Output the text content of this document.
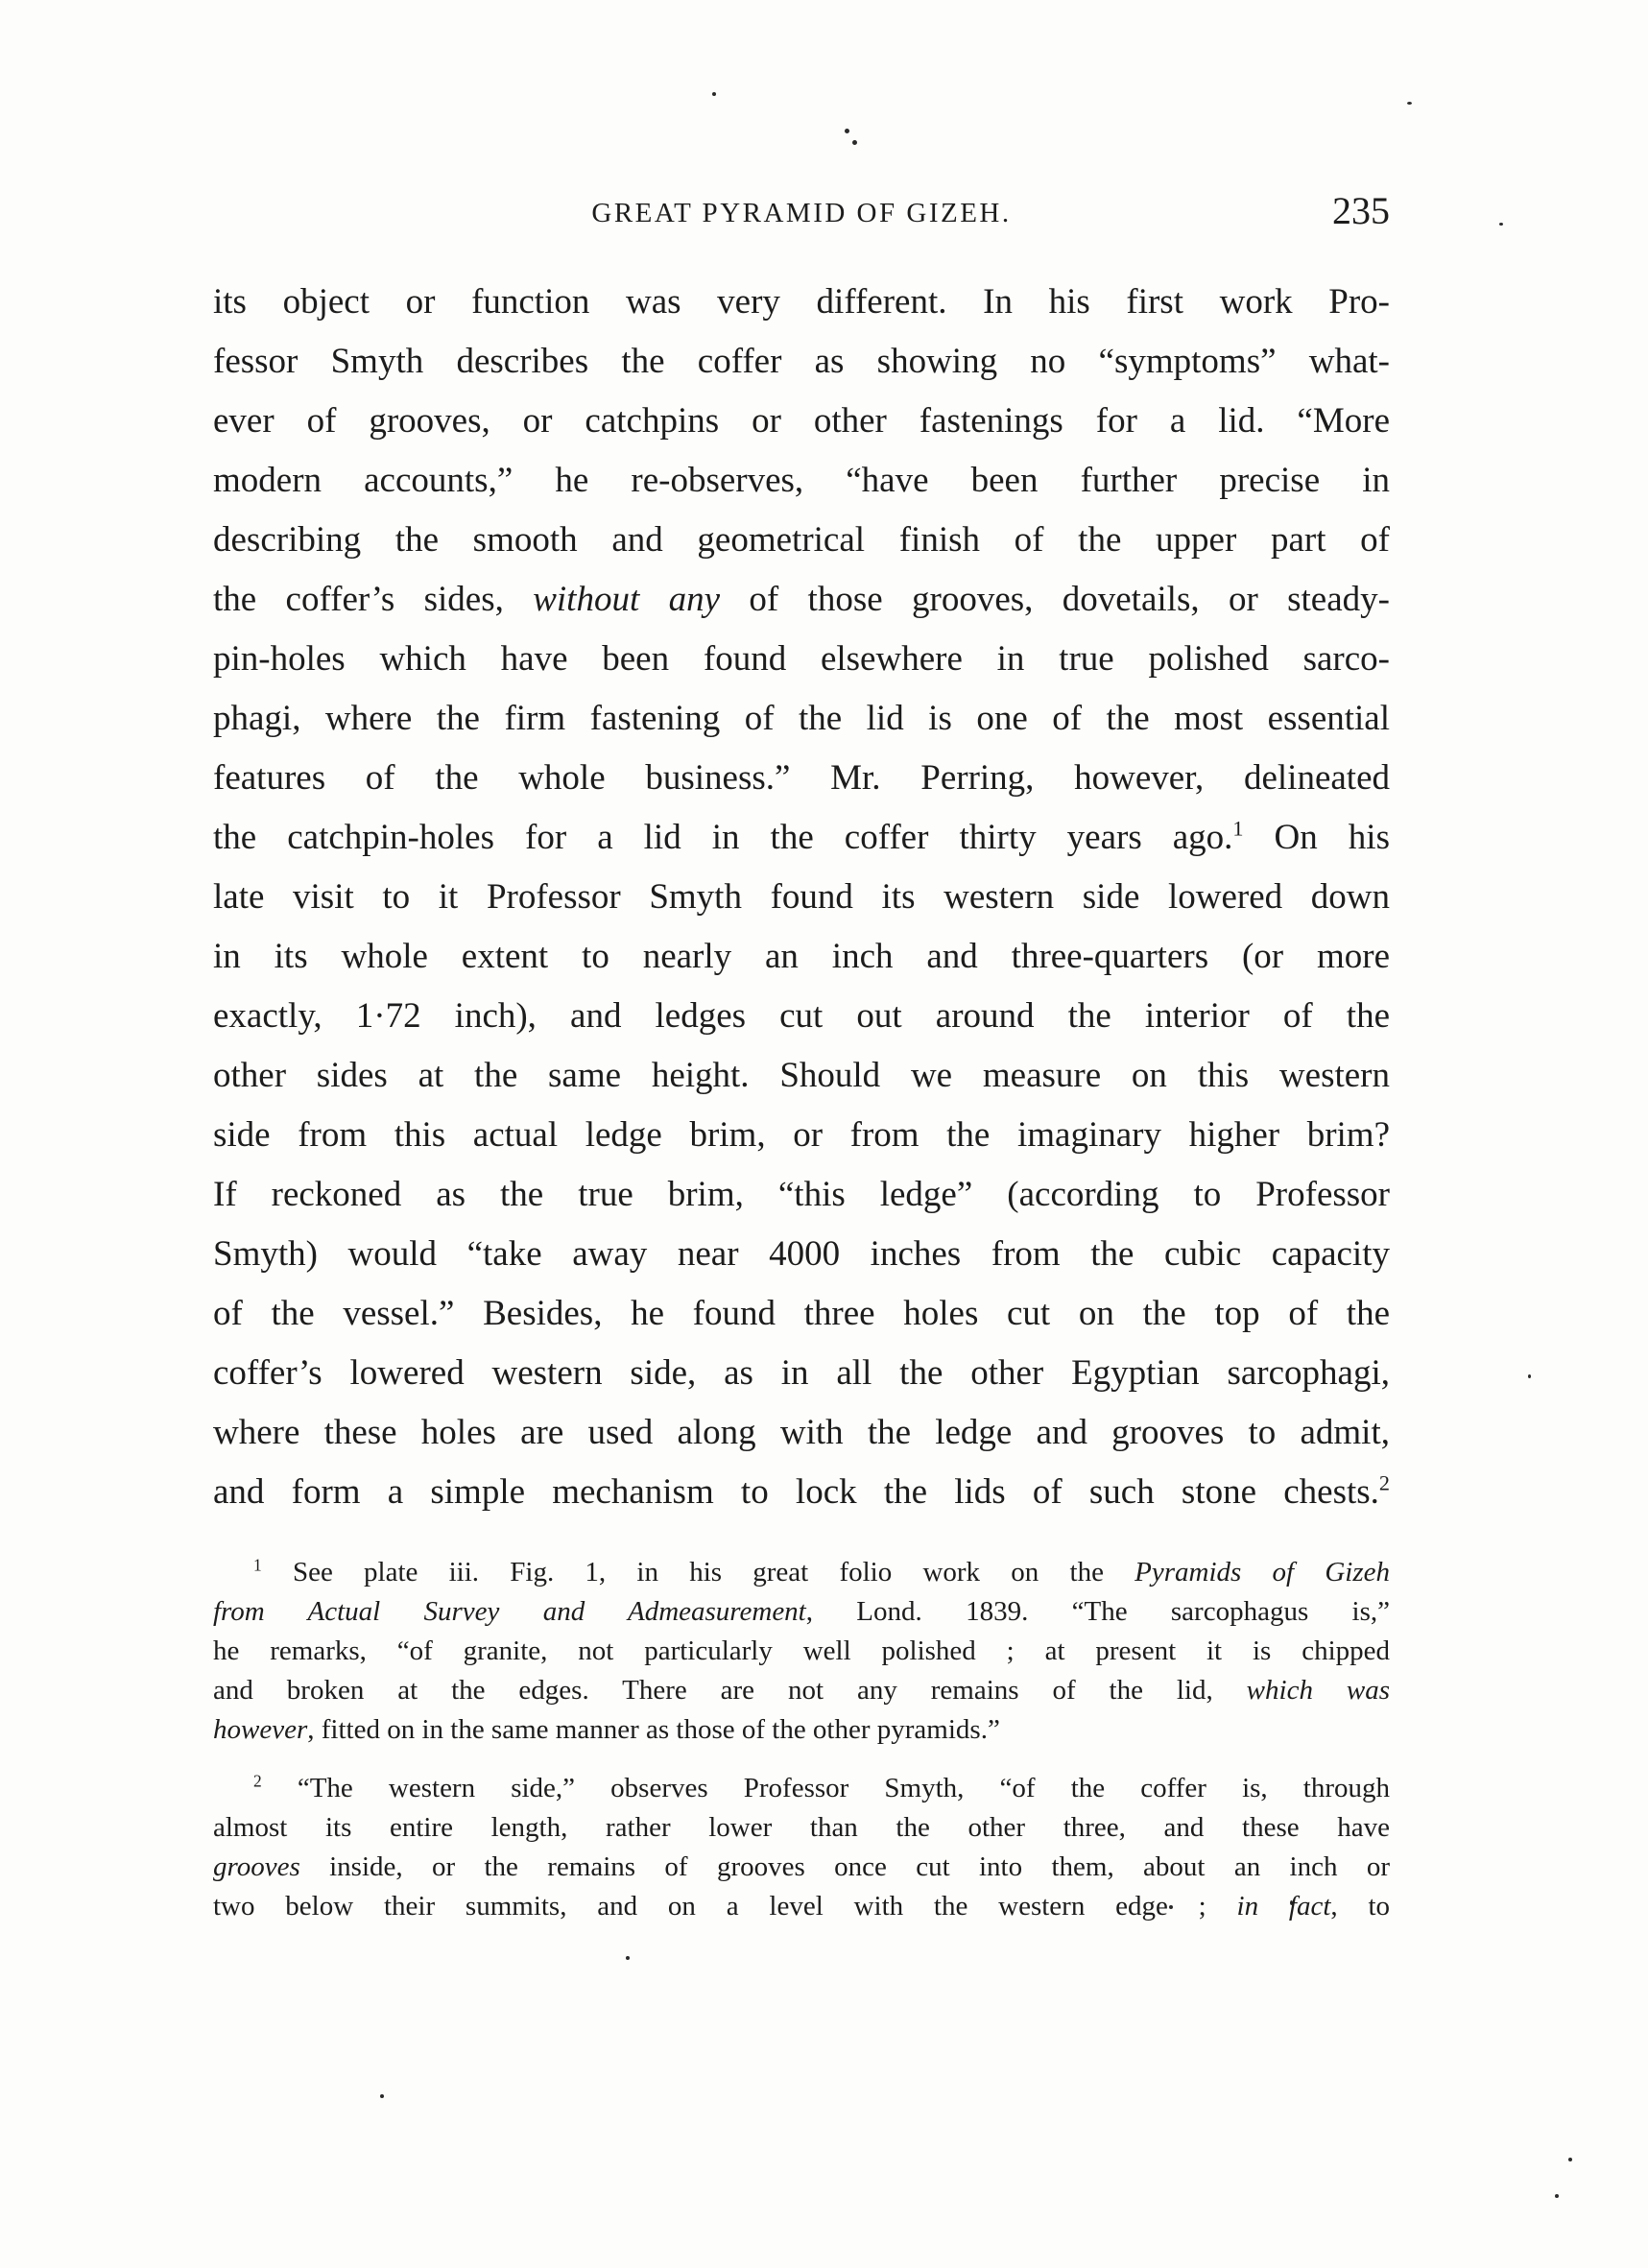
GREAT PYRAMID OF GIZEH.	235
its object or function was very different. In his first work Pro-
fessor Smyth describes the coffer as showing no “symptoms” what-
ever of grooves, or catchpins or other fastenings for a lid. “More
modern accounts,” he re-observes, “have been further precise in
describing the smooth and geometrical finish of the upper part of
the coffer’s sides, without any of those grooves, dovetails, or steady-
pin-holes which have been found elsewhere in true polished sarco-
phagi, where the firm fastening of the lid is one of the most essential
features of the whole business.” Mr. Perring, however, delineated
the catchpin-holes for a lid in the coffer thirty years ago.$^1$ On his
late visit to it Professor Smyth found its western side lowered down
in its whole extent to nearly an inch and three-quarters (or more
exactly, 1·72 inch), and ledges cut out around the interior of the
other sides at the same height. Should we measure on this western
side from this actual ledge brim, or from the imaginary higher brim?
If reckoned as the true brim, “this ledge” (according to Professor
Smyth) would “take away near 4000 inches from the cubic capacity
of the vessel.” Besides, he found three holes cut on the top of the
coffer’s lowered western side, as in all the other Egyptian sarcophagi,
where these holes are used along with the ledge and grooves to admit,
and form a simple mechanism to lock the lids of such stone chests.$^2$
$^1$ See plate iii. Fig. 1, in his great folio work on the Pyramids of Gizeh
from Actual Survey and Admeasurement, Lond. 1839. “The sarcophagus is,”
he remarks, “of granite, not particularly well polished ; at present it is chipped
and broken at the edges. There are not any remains of the lid, which was
however, fitted on in the same manner as those of the other pyramids.”
$^2$ “The western side,” observes Professor Smyth, “of the coffer is, through
almost its entire length, rather lower than the other three, and these have
grooves inside, or the remains of grooves once cut into them, about an inch or
two below their summits, and on a level with the western edge ; in fact, to
